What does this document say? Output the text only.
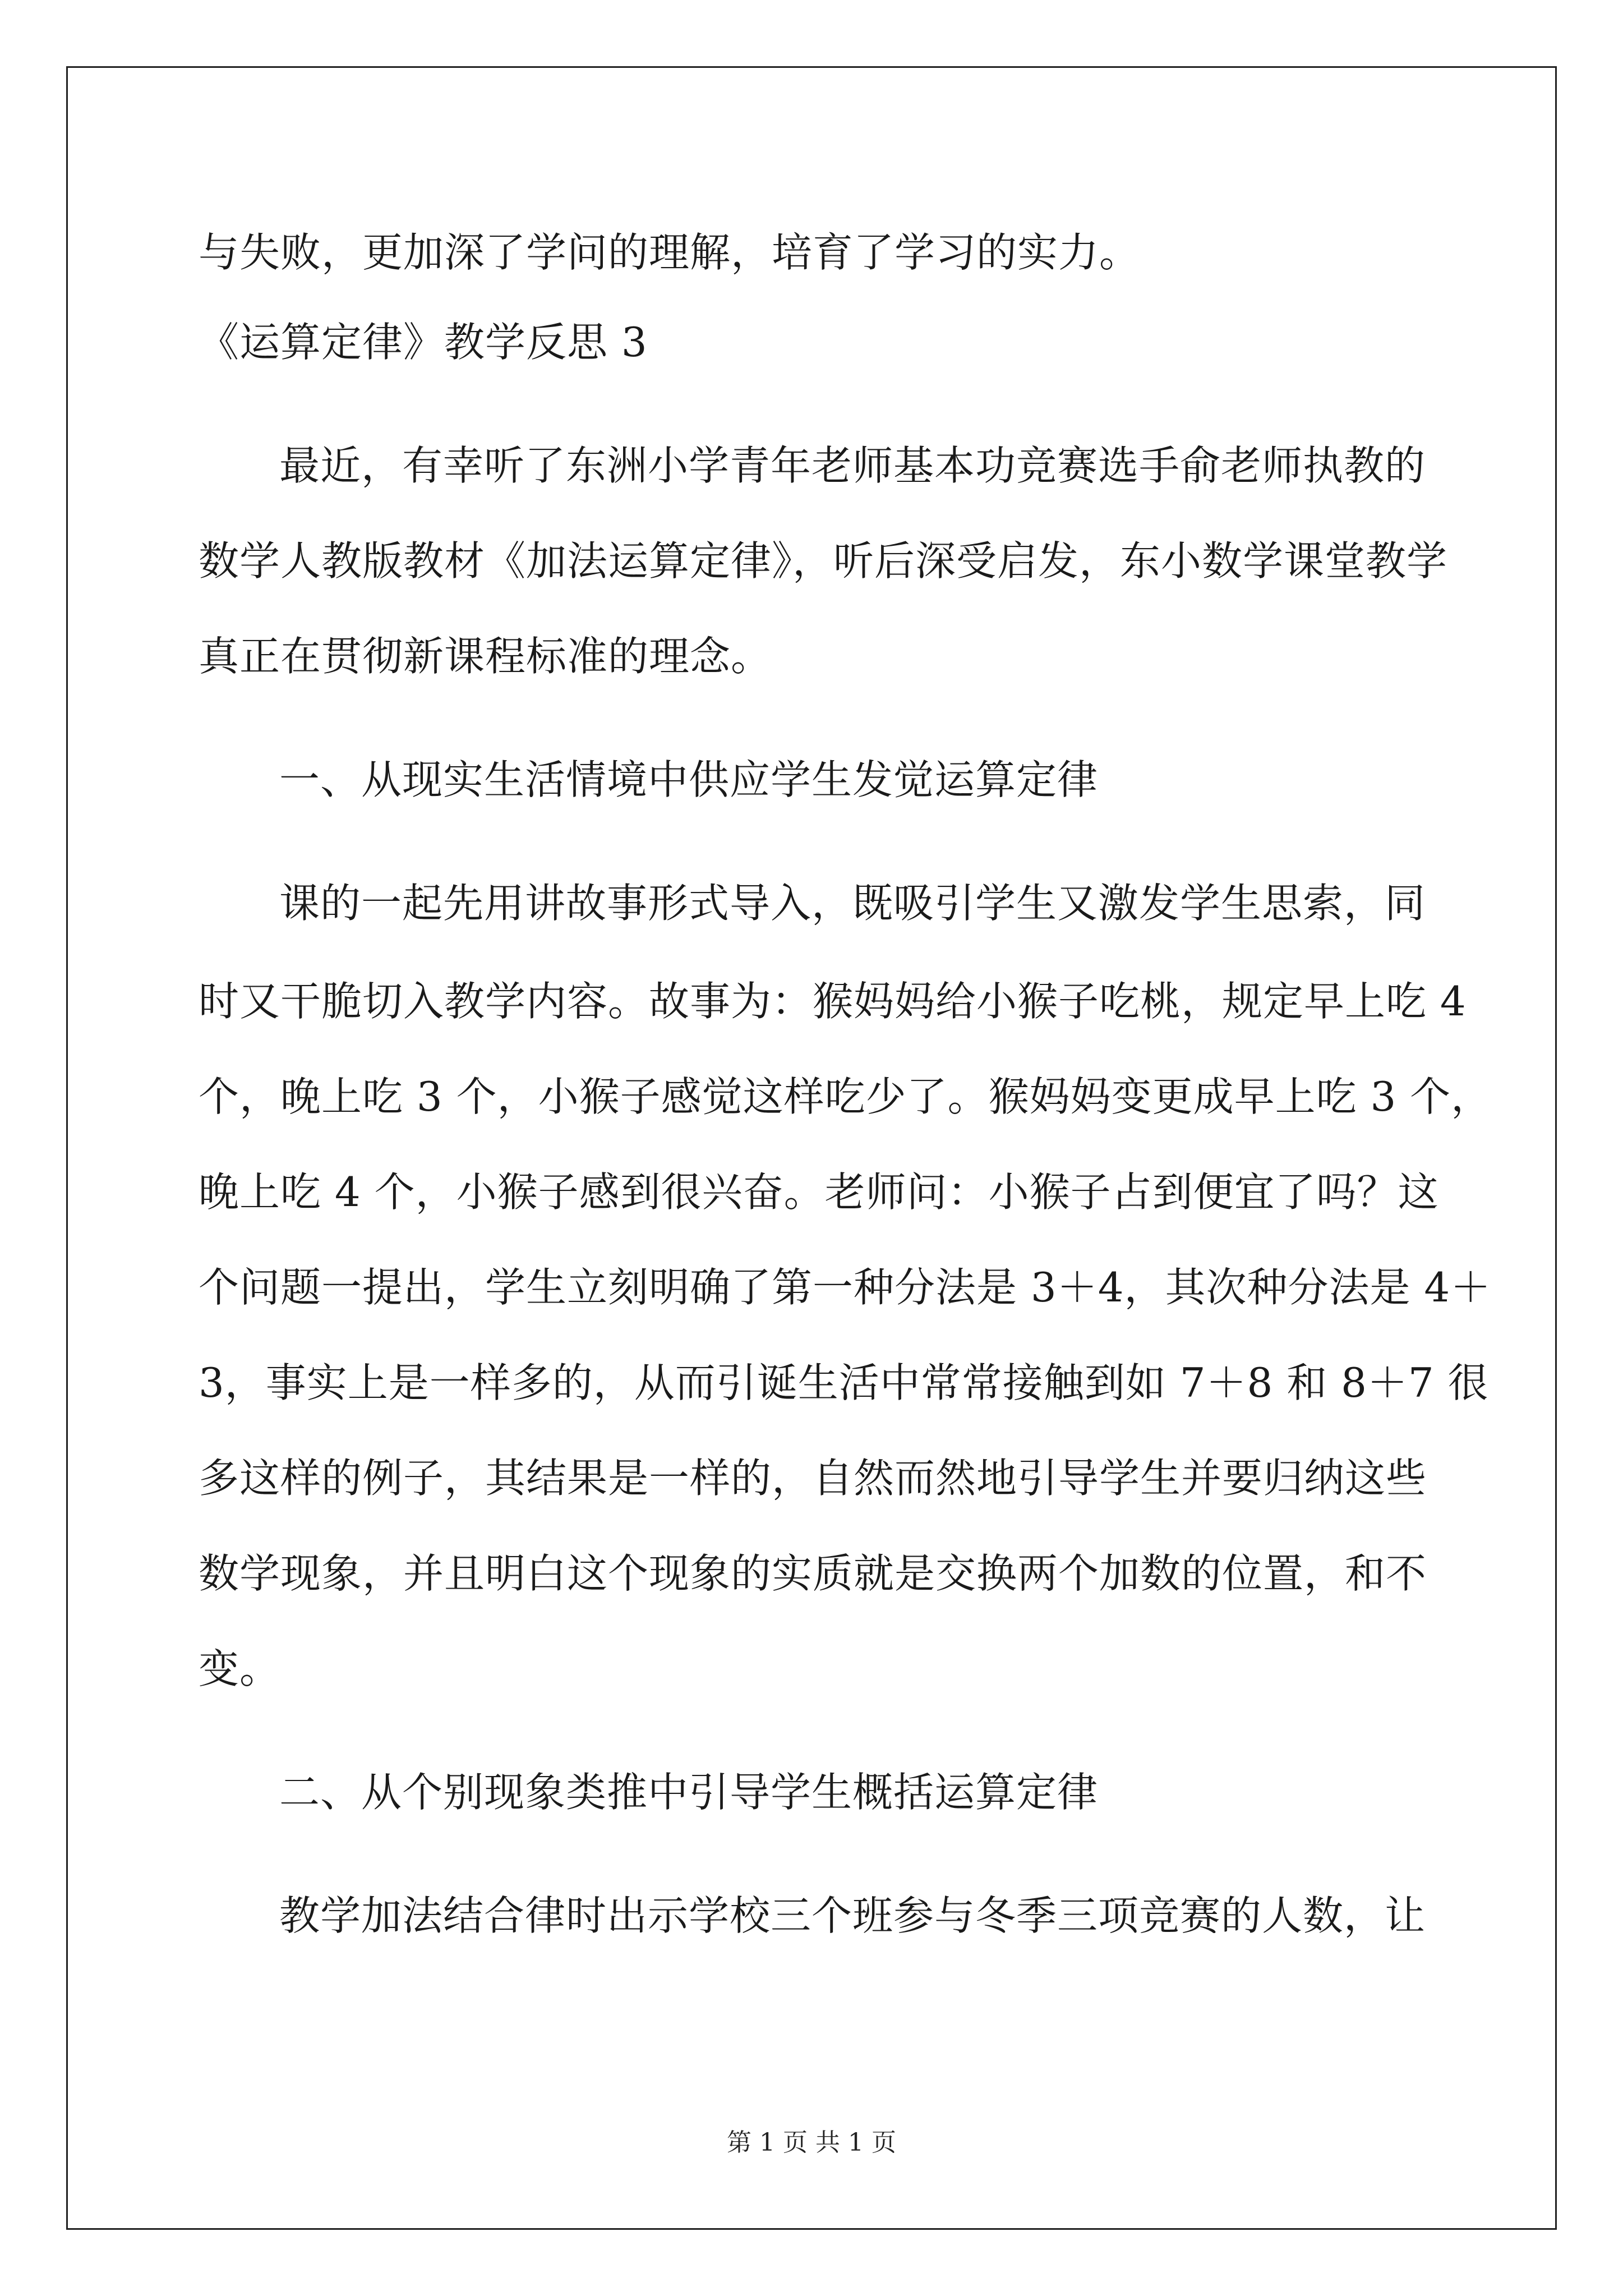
与失败，更加深了学问的理解，培育了学习的实力。

《运算定律》教学反思 3

最近，有幸听了东洲小学青年老师基本功竞赛选手俞老师执教的

数学人教版教材《加法运算定律》，听后深受启发，东小数学课堂教学

真正在贯彻新课程标准的理念。

一、从现实生活情境中供应学生发觉运算定律

课的一起先用讲故事形式导入，既吸引学生又激发学生思索，同

时又干脆切入教学内容。故事为：猴妈妈给小猴子吃桃，规定早上吃 4

个，晚上吃 3 个，小猴子感觉这样吃少了。猴妈妈变更成早上吃 3 个，

晚上吃 4 个，小猴子感到很兴奋。老师问：小猴子占到便宜了吗？这

个问题一提出，学生立刻明确了第一种分法是 3＋4，其次种分法是 4＋

3，事实上是一样多的，从而引诞生活中常常接触到如 7＋8 和 8＋7 很

多这样的例子，其结果是一样的，自然而然地引导学生并要归纳这些

数学现象，并且明白这个现象的实质就是交换两个加数的位置，和不

变。

二、从个别现象类推中引导学生概括运算定律

教学加法结合律时出示学校三个班参与冬季三项竞赛的人数，让

第 1 页 共 1 页
